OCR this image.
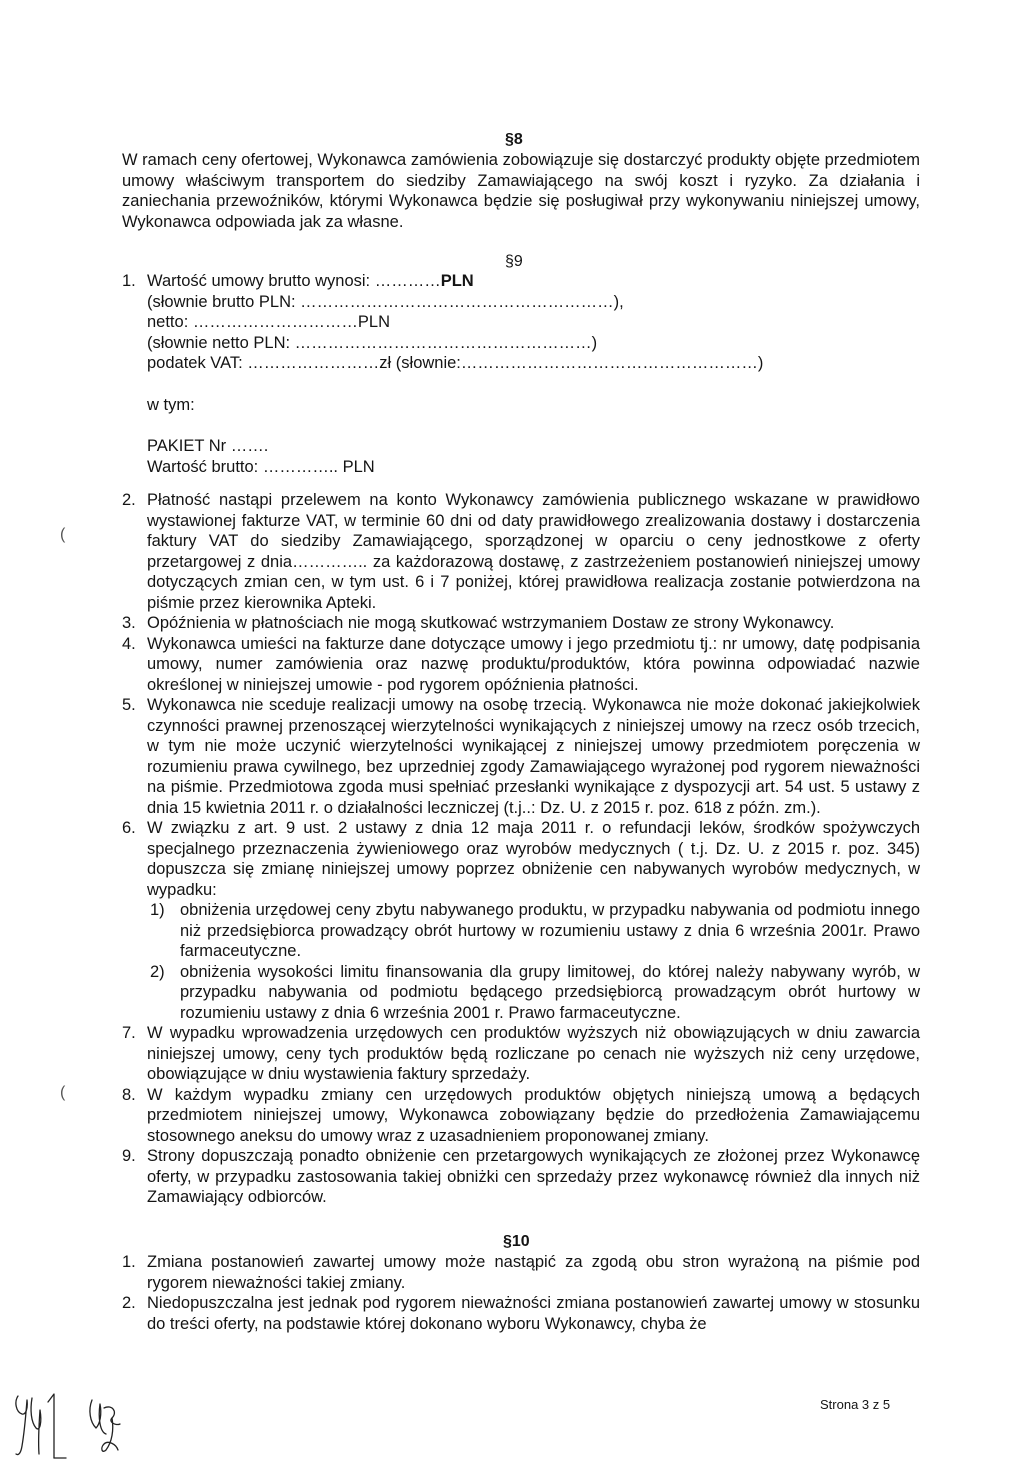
§8
W ramach ceny ofertowej, Wykonawca zamówienia zobowiązuje się dostarczyć produkty objęte przedmiotem umowy właściwym transportem do siedziby Zamawiającego na swój koszt i ryzyko. Za działania i zaniechania przewoźników, którymi Wykonawca będzie się posługiwał przy wykonywaniu niniejszej umowy, Wykonawca odpowiada jak za własne.
§9
1. Wartość umowy brutto wynosi: …………PLN
(słownie brutto PLN: …………………………………………………),
netto: …………………………PLN
(słownie netto PLN: ………………………………………………)
podatek VAT: ……………………zł (słownie:………………………………………………)
w tym:
PAKIET Nr …….
Wartość brutto: ………….. PLN
2. Płatność nastąpi przelewem na konto Wykonawcy zamówienia publicznego wskazane w prawidłowo wystawionej fakturze VAT, w terminie 60 dni od daty prawidłowego zrealizowania dostawy i dostarczenia faktury VAT do siedziby Zamawiającego, sporządzonej w oparciu o ceny jednostkowe z oferty przetargowej z dnia………….. za każdorazową dostawę, z zastrzeżeniem postanowień niniejszej umowy dotyczących zmian cen, w tym ust. 6 i 7 poniżej, której prawidłowa realizacja zostanie potwierdzona na piśmie przez kierownika Apteki.
3. Opóźnienia w płatnościach nie mogą skutkować wstrzymaniem Dostaw ze strony Wykonawcy.
4. Wykonawca umieści na fakturze dane dotyczące umowy i jego przedmiotu tj.: nr umowy, datę podpisania umowy, numer zamówienia oraz nazwę produktu/produktów, która powinna odpowiadać nazwie określonej w niniejszej umowie - pod rygorem opóźnienia płatności.
5. Wykonawca nie sceduje realizacji umowy na osobę trzecią. Wykonawca nie może dokonać jakiejkolwiek czynności prawnej przenoszącej wierzytelności wynikających z niniejszej umowy na rzecz osób trzecich, w tym nie może uczynić wierzytelności wynikającej z niniejszej umowy przedmiotem poręczenia w rozumieniu prawa cywilnego, bez uprzedniej zgody Zamawiającego wyrażonej pod rygorem nieważności na piśmie. Przedmiotowa zgoda musi spełniać przesłanki wynikające z dyspozycji art. 54 ust. 5 ustawy z dnia 15 kwietnia 2011 r. o działalności leczniczej (t.j..: Dz. U. z 2015 r. poz. 618 z późn. zm.).
6. W związku z art. 9 ust. 2 ustawy z dnia 12 maja 2011 r. o refundacji leków, środków spożywczych specjalnego przeznaczenia żywieniowego oraz wyrobów medycznych ( t.j. Dz. U. z 2015 r. poz. 345) dopuszcza się zmianę niniejszej umowy poprzez obniżenie cen nabywanych wyrobów medycznych, w wypadku:
1) obniżenia urzędowej ceny zbytu nabywanego produktu, w przypadku nabywania od podmiotu innego niż przedsiębiorca prowadzący obrót hurtowy w rozumieniu ustawy z dnia 6 września 2001r. Prawo farmaceutyczne.
2) obniżenia wysokości limitu finansowania dla grupy limitowej, do której należy nabywany wyrób, w przypadku nabywania od podmiotu będącego przedsiębiorcą prowadzącym obrót hurtowy w rozumieniu ustawy z dnia 6 września 2001 r. Prawo farmaceutyczne.
7. W wypadku wprowadzenia urzędowych cen produktów wyższych niż obowiązujących w dniu zawarcia niniejszej umowy, ceny tych produktów będą rozliczane po cenach nie wyższych niż ceny urzędowe, obowiązujące w dniu wystawienia faktury sprzedaży.
8. W każdym wypadku zmiany cen urzędowych produktów objętych niniejszą umową a będących przedmiotem niniejszej umowy, Wykonawca zobowiązany będzie do przedłożenia Zamawiającemu stosownego aneksu do umowy wraz z uzasadnieniem proponowanej zmiany.
9. Strony dopuszczają ponadto obniżenie cen przetargowych wynikających ze złożonej przez Wykonawcę oferty, w przypadku zastosowania takiej obniżki cen sprzedaży przez wykonawcę również dla innych niż Zamawiający odbiorców.
§10
1. Zmiana postanowień zawartej umowy może nastąpić za zgodą obu stron wyrażoną na piśmie pod rygorem nieważności takiej zmiany.
2. Niedopuszczalna jest jednak pod rygorem nieważności zmiana postanowień zawartej umowy w stosunku do treści oferty, na podstawie której dokonano wyboru Wykonawcy, chyba że
(
(
Strona 3 z 5
